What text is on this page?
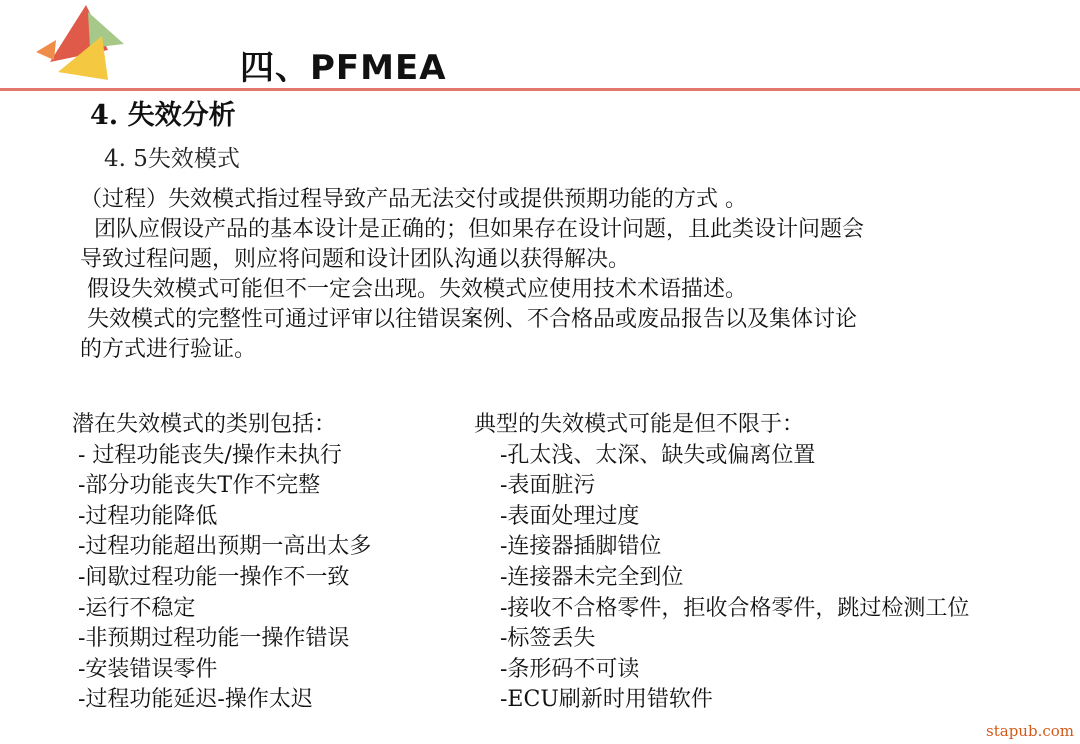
四、PFMEA
4. 失效分析
4. 5失效模式
（过程）失效模式指过程导致产品无法交付或提供预期功能的方式 。
团队应假设产品的基本设计是正确的；但如果存在设计问题，且此类设计问题会
导致过程问题，则应将问题和设计团队沟通以获得解决。
假设失效模式可能但不一定会出现。失效模式应使用技术术语描述。
失效模式的完整性可通过评审以往错误案例、不合格品或废品报告以及集体讨论
的方式进行验证。
潜在失效模式的类别包括：
- 过程功能丧失/操作未执行
-部分功能丧失T作不完整
-过程功能降低
-过程功能超出预期一高出太多
-间歇过程功能一操作不一致
-运行不稳定
-非预期过程功能一操作错误
-安装错误零件
-过程功能延迟-操作太迟
典型的失效模式可能是但不限于：
-孔太浅、太深、缺失或偏离位置
-表面脏污
-表面处理过度
-连接器插脚错位
-连接器未完全到位
-接收不合格零件，拒收合格零件，跳过检测工位
-标签丢失
-条形码不可读
-ECU刷新时用错软件
stapub.com
